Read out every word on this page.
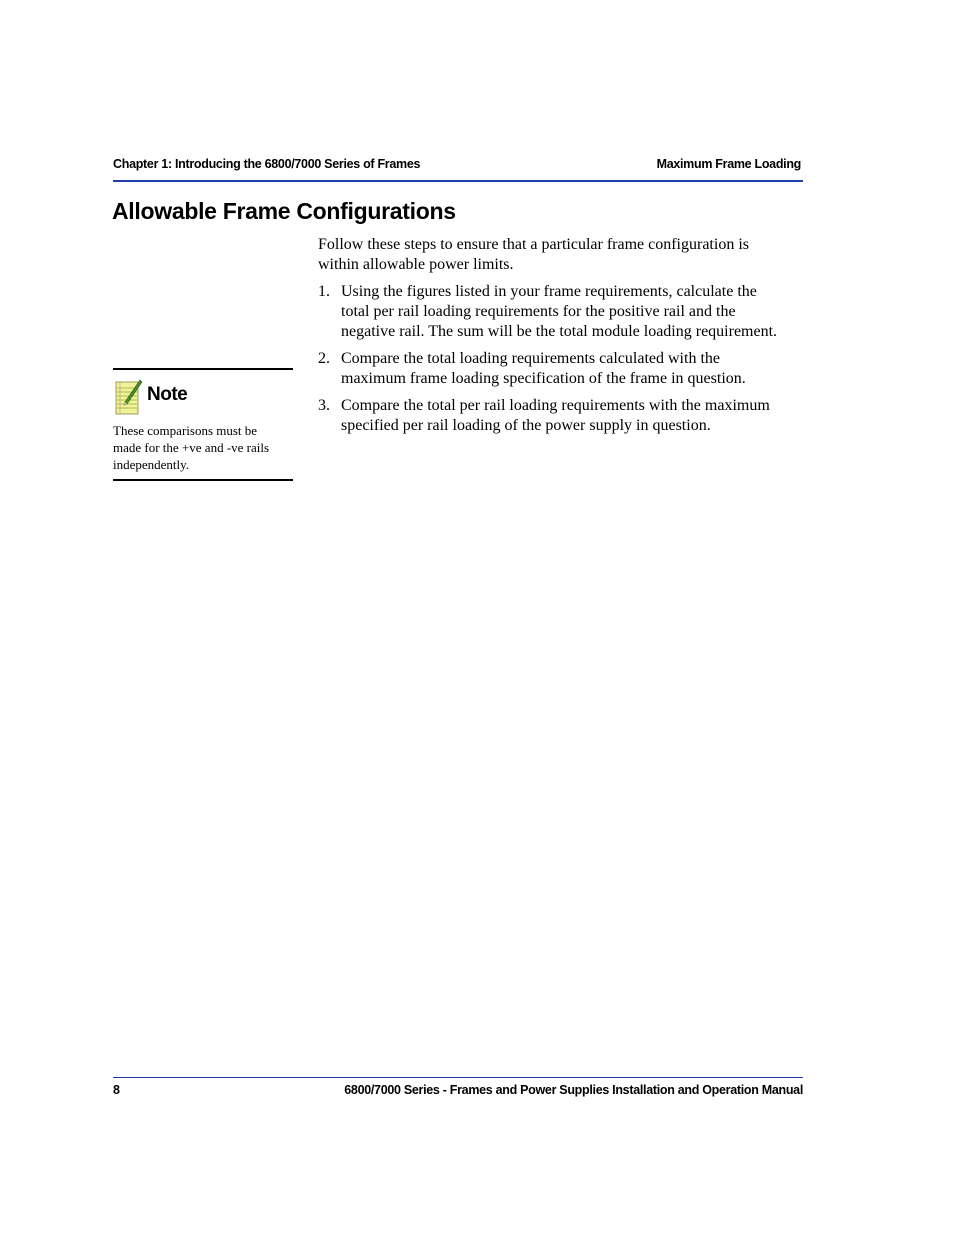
Chapter 1: Introducing the 6800/7000 Series of Frames	Maximum Frame Loading
Allowable Frame Configurations

Follow these steps to ensure that a particular frame configuration is
within allowable power limits.

1. Using the figures listed in your frame requirements, calculate the
total per rail loading requirements for the positive rail and the
negative rail. The sum will be the total module loading requirement.
2. Compare the total loading requirements calculated with the
maximum frame loading specification of the frame in question.
3. Compare the total per rail loading requirements with the maximum
specified per rail loading of the power supply in question.
Note
These comparisons must be
made for the +ve and -ve rails
independently.
8	6800/7000 Series - Frames and Power Supplies Installation and Operation Manual
